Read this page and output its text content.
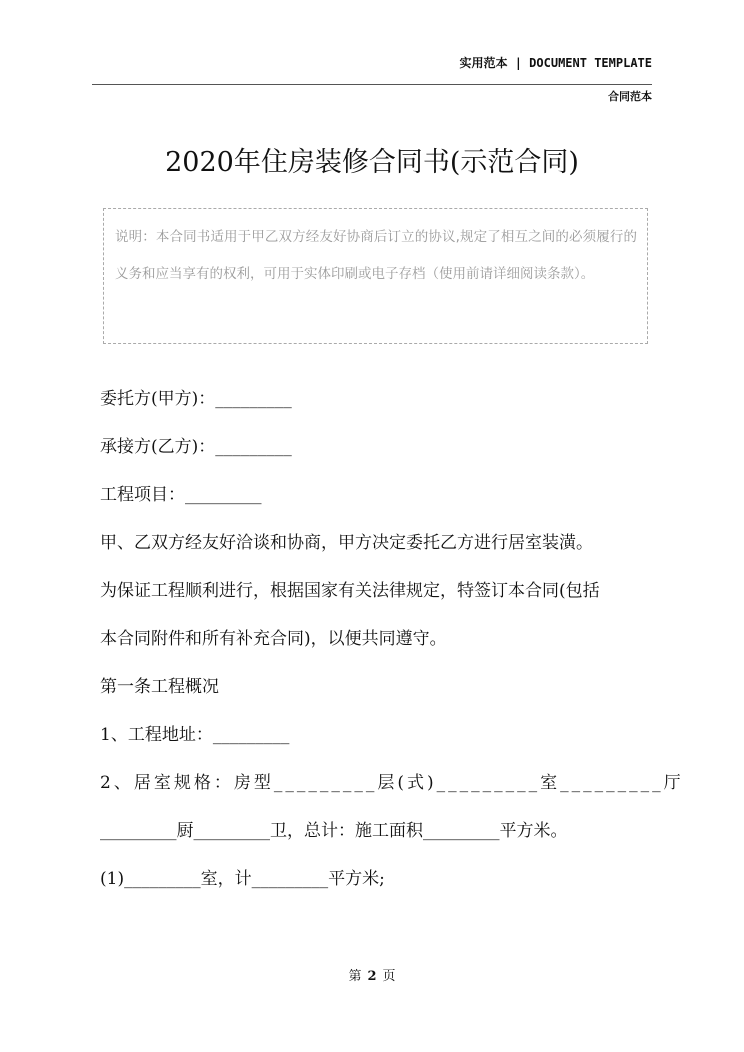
实用范本 | DOCUMENT TEMPLATE
合同范本
2020年住房装修合同书(示范合同)
说明：本合同书适用于甲乙双方经友好协商后订立的协议,规定了相互之间的必须履行的义务和应当享有的权利，可用于实体印刷或电子存档（使用前请详细阅读条款）。

委托方(甲方)：_________

承接方(乙方)：_________

工程项目：_________

甲、乙双方经友好洽谈和协商，甲方决定委托乙方进行居室装潢。

为保证工程顺利进行，根据国家有关法律规定，特签订本合同(包括

本合同附件和所有补充合同)，以便共同遵守。

第一条工程概况

1、工程地址：_________

2、居室规格：房型_________层(式)_________室_________厅

_________厨_________卫，总计：施工面积_________平方米。

(1)_________室，计_________平方米;

第 2 页
